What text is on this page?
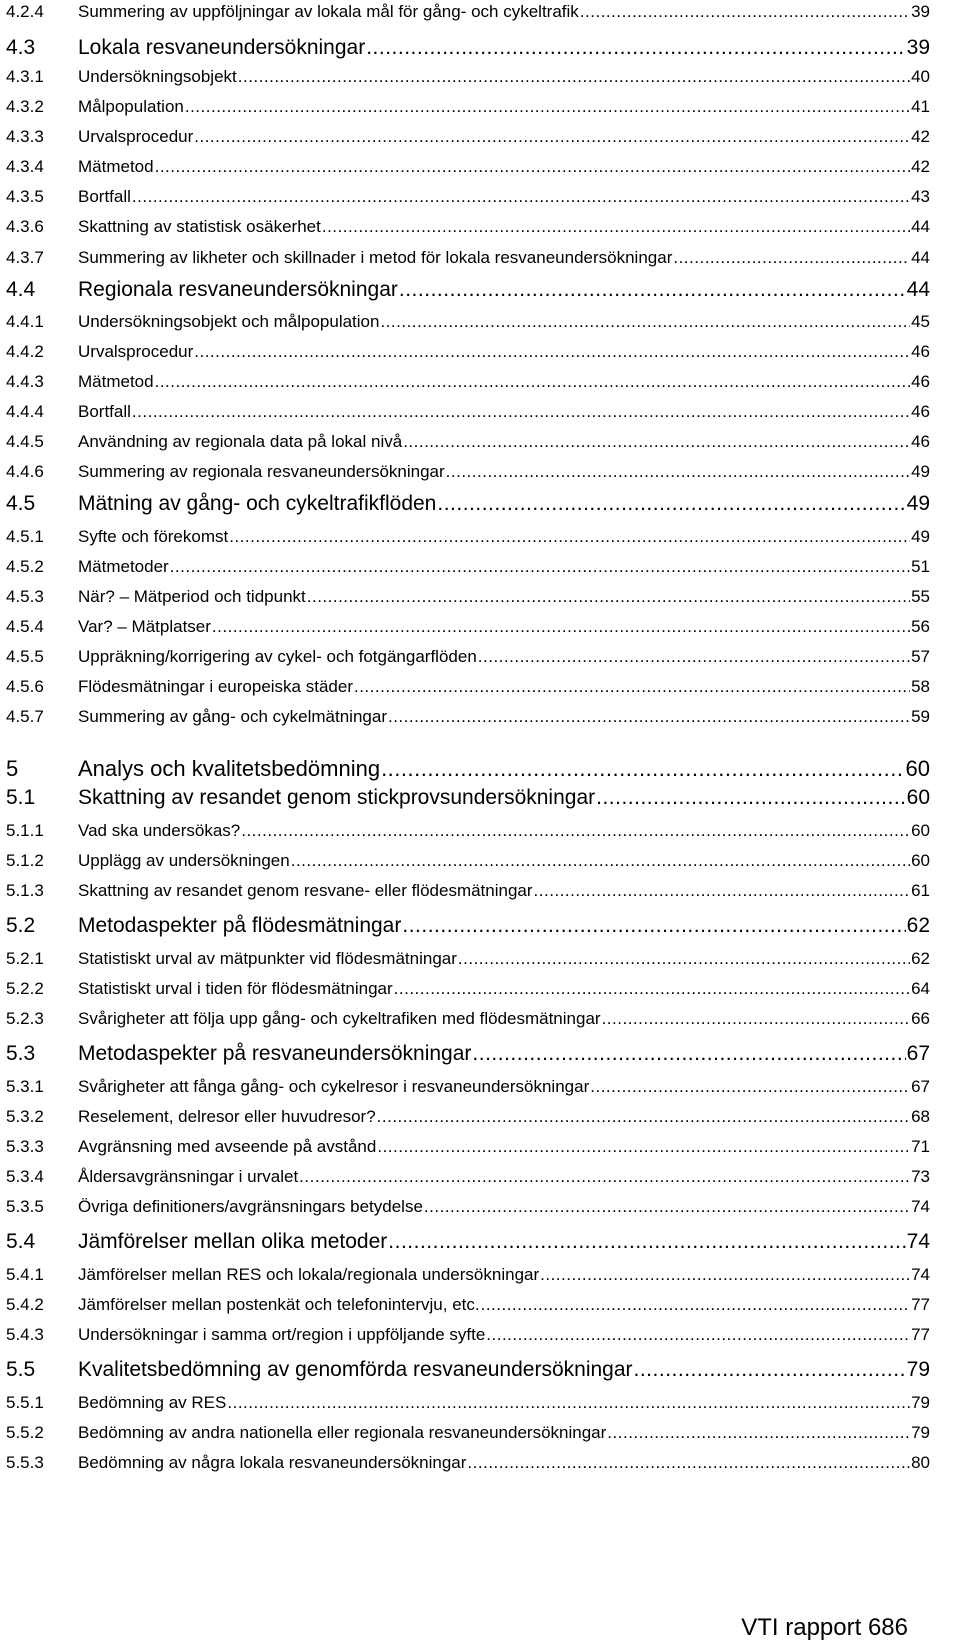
4.2.4	Summering av uppföljningar av lokala mål för gång- och cykeltrafik .....	39
4.3	Lokala resvaneundersökningar .....	39
4.3.1	Undersökningsobjekt .....	40
4.3.2	Målpopulation .....	41
4.3.3	Urvalsprocedur .....	42
4.3.4	Mätmetod .....	42
4.3.5	Bortfall .....	43
4.3.6	Skattning av statistisk osäkerhet .....	44
4.3.7	Summering av likheter och skillnader i metod för lokala resvaneundersökningar .....	44
4.4	Regionala resvaneundersökningar .....	44
4.4.1	Undersökningsobjekt och målpopulation .....	45
4.4.2	Urvalsprocedur .....	46
4.4.3	Mätmetod .....	46
4.4.4	Bortfall .....	46
4.4.5	Användning av regionala data på lokal nivå .....	46
4.4.6	Summering av regionala resvaneundersökningar .....	49
4.5	Mätning av gång- och cykeltrafikflöden .....	49
4.5.1	Syfte och förekomst .....	49
4.5.2	Mätmetoder .....	51
4.5.3	När? – Mätperiod och tidpunkt .....	55
4.5.4	Var? – Mätplatser .....	56
4.5.5	Uppräkning/korrigering av cykel- och fotgängarflöden .....	57
4.5.6	Flödesmätningar i europeiska städer .....	58
4.5.7	Summering av gång- och cykelmätningar .....	59
5	Analys och kvalitetsbedömning .....	60
5.1	Skattning av resandet genom stickprovsundersökningar .....	60
5.1.1	Vad ska undersökas? .....	60
5.1.2	Upplägg av undersökningen .....	60
5.1.3	Skattning av resandet genom resvane- eller flödesmätningar .....	61
5.2	Metodaspekter på flödesmätningar .....	62
5.2.1	Statistiskt urval av mätpunkter vid flödesmätningar .....	62
5.2.2	Statistiskt urval i tiden för flödesmätningar .....	64
5.2.3	Svårigheter att följa upp gång- och cykeltrafiken med flödesmätningar .....	66
5.3	Metodaspekter på resvaneundersökningar .....	67
5.3.1	Svårigheter att fånga gång- och cykelresor i resvaneundersökningar .....	67
5.3.2	Reselement, delresor eller huvudresor? .....	68
5.3.3	Avgränsning med avseende på avstånd .....	71
5.3.4	Åldersavgränsningar i urvalet .....	73
5.3.5	Övriga definitioners/avgränsningars betydelse .....	74
5.4	Jämförelser mellan olika metoder .....	74
5.4.1	Jämförelser mellan RES och lokala/regionala undersökningar .....	74
5.4.2	Jämförelser mellan postenkät och telefonintervju, etc. .....	77
5.4.3	Undersökningar i samma ort/region i uppföljande syfte .....	77
5.5	Kvalitetsbedömning av genomförda resvaneundersökningar .....	79
5.5.1	Bedömning av RES .....	79
5.5.2	Bedömning av andra nationella eller regionala resvaneundersökningar .....	79
5.5.3	Bedömning av några lokala resvaneundersökningar .....	80
VTI rapport 686
